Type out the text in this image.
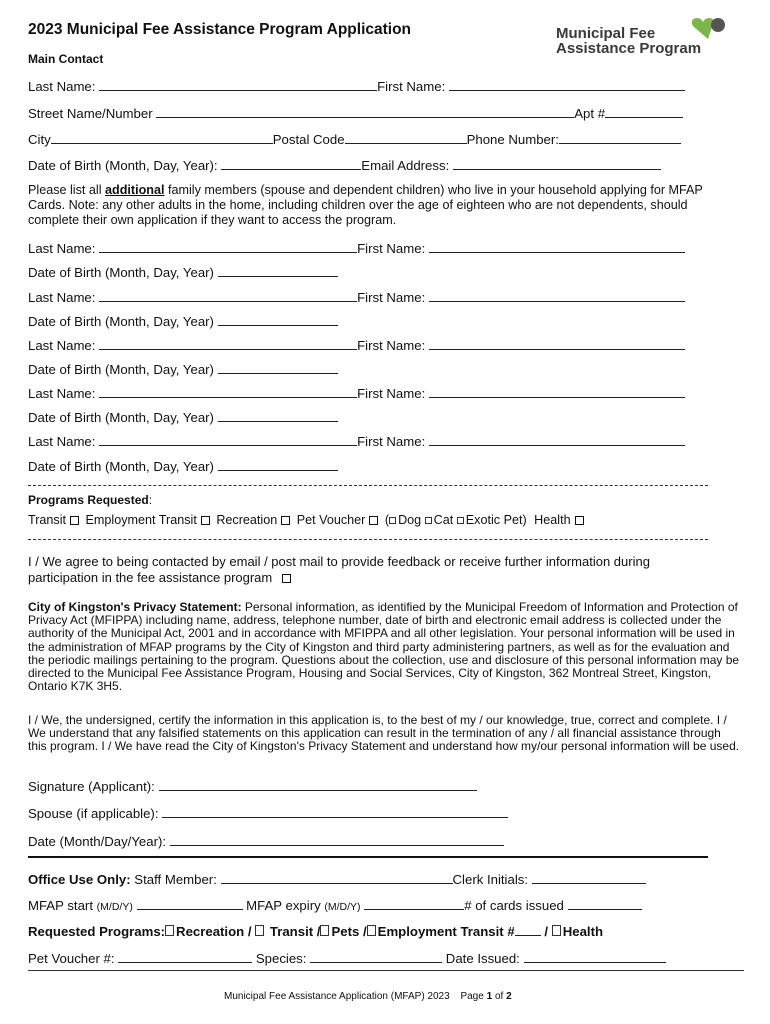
2023 Municipal Fee Assistance Program Application	Municipal Fee
Assistance Program
Main Contact
Last Name:	First Name:
Street Name/Number	Apt #
City	Postal Code	Phone Number:
Date of Birth (Month, Day, Year):	Email Address:
Please list all additional family members (spouse and dependent children) who live in your household applying for MFAP Cards. Note: any other adults in the home, including children over the age of eighteen who are not dependents, should complete their own application if they want to access the program.
Last Name:	First Name:
Date of Birth (Month, Day, Year)
Last Name:	First Name:
Date of Birth (Month, Day, Year)
Last Name:	First Name:
Date of Birth (Month, Day, Year)
Last Name:	First Name:
Date of Birth (Month, Day, Year)
Last Name:	First Name:
Date of Birth (Month, Day, Year)
Programs Requested:
Transit Employment Transit Recreation Pet Voucher ( Dog Cat Exotic Pet) Health
I / We agree to being contacted by email / post mail to provide feedback or receive further information during participation in the fee assistance program
City of Kingston's Privacy Statement: Personal information, as identified by the Municipal Freedom of Information and Protection of Privacy Act (MFIPPA) including name, address, telephone number, date of birth and electronic email address is collected under the authority of the Municipal Act, 2001 and in accordance with MFIPPA and all other legislation. Your personal information will be used in the administration of MFAP programs by the City of Kingston and third party administering partners, as well as for the evaluation and the periodic mailings pertaining to the program. Questions about the collection, use and disclosure of this personal information may be directed to the Municipal Fee Assistance Program, Housing and Social Services, City of Kingston, 362 Montreal Street, Kingston, Ontario K7K 3H5.
I / We, the undersigned, certify the information in this application is, to the best of my / our knowledge, true, correct and complete. I / We understand that any falsified statements on this application can result in the termination of any / all financial assistance through this program. I / We have read the City of Kingston's Privacy Statement and understand how my/our personal information will be used.
Signature (Applicant):
Spouse (if applicable):
Date (Month/Day/Year):
Office Use Only: Staff Member:	Clerk Initials:
MFAP start (M/D/Y)	MFAP expiry (M/D/Y)	# of cards issued
Requested Programs: Recreation / Transit / Pets / Employment Transit # / Health
Pet Voucher #:	Species:	Date Issued:
Municipal Fee Assistance Application (MFAP) 2023 Page 1 of 2
